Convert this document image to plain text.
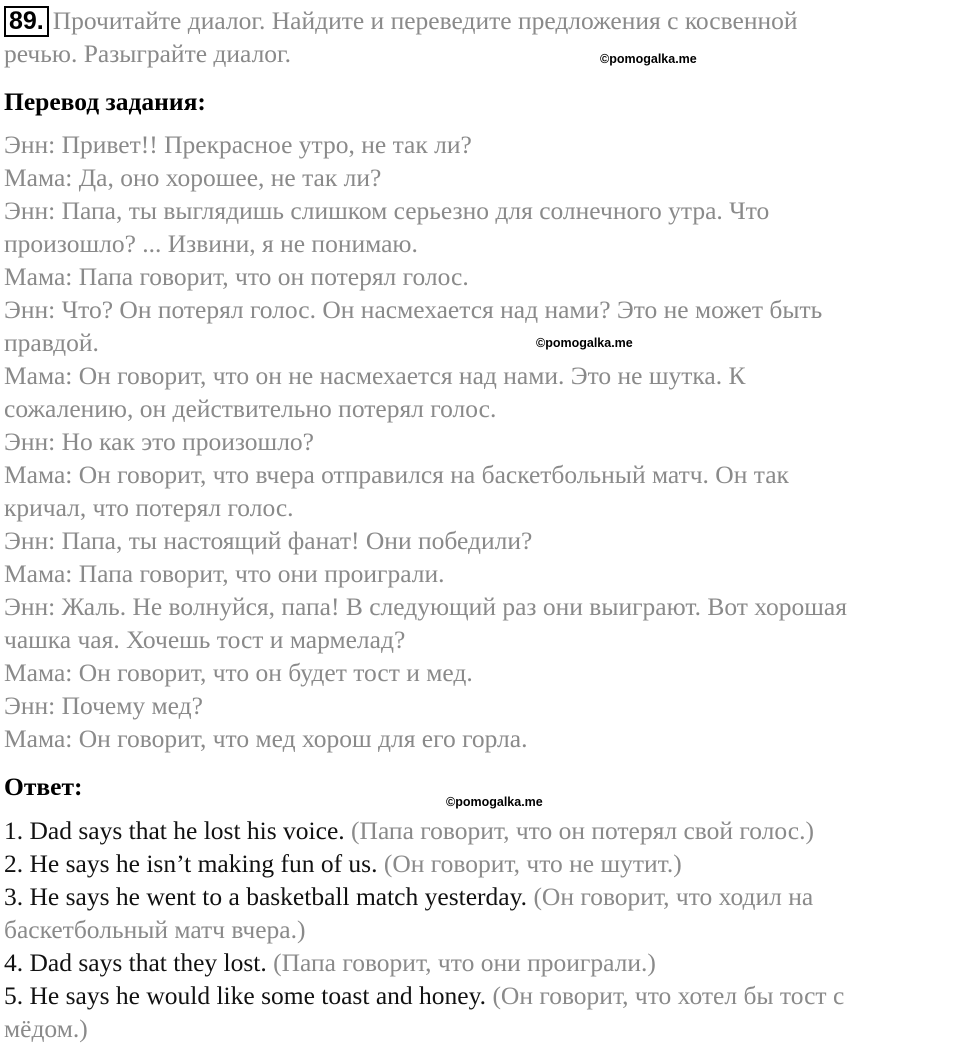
89. Прочитайте диалог. Найдите и переведите предложения с косвенной
речью. Разыграйте диалог.	©pomogalka.me
Перевод задания:
Энн: Привет!! Прекрасное утро, не так ли?
Мама: Да, оно хорошее, не так ли?
Энн: Папа, ты выглядишь слишком серьезно для солнечного утра. Что
произошло? ... Извини, я не понимаю.
Мама: Папа говорит, что он потерял голос.
Энн: Что? Он потерял голос. Он насмехается над нами? Это не может быть
правдой.
Мама: Он говорит, что он не насмехается над нами. Это не шутка. К
сожалению, он действительно потерял голос.
Энн: Но как это произошло?
Мама: Он говорит, что вчера отправился на баскетбольный матч. Он так
кричал, что потерял голос.
Энн: Папа, ты настоящий фанат! Они победили?
Мама: Папа говорит, что они проиграли.
Энн: Жаль. Не волнуйся, папа! В следующий раз они выиграют. Вот хорошая
чашка чая. Хочешь тост и мармелад?
Мама: Он говорит, что он будет тост и мед.
Энн: Почему мед?
Мама: Он говорит, что мед хорош для его горла.
©pomogalka.me
Ответ:
©pomogalka.me
1. Dad says that he lost his voice. (Папа говорит, что он потерял свой голос.)
2. He says he isn’t making fun of us. (Он говорит, что не шутит.)
3. He says he went to a basketball match yesterday. (Он говорит, что ходил на
баскетбольный матч вчера.)
4. Dad says that they lost. (Папа говорит, что они проиграли.)
5. He says he would like some toast and honey. (Он говорит, что хотел бы тост с
мёдом.)
